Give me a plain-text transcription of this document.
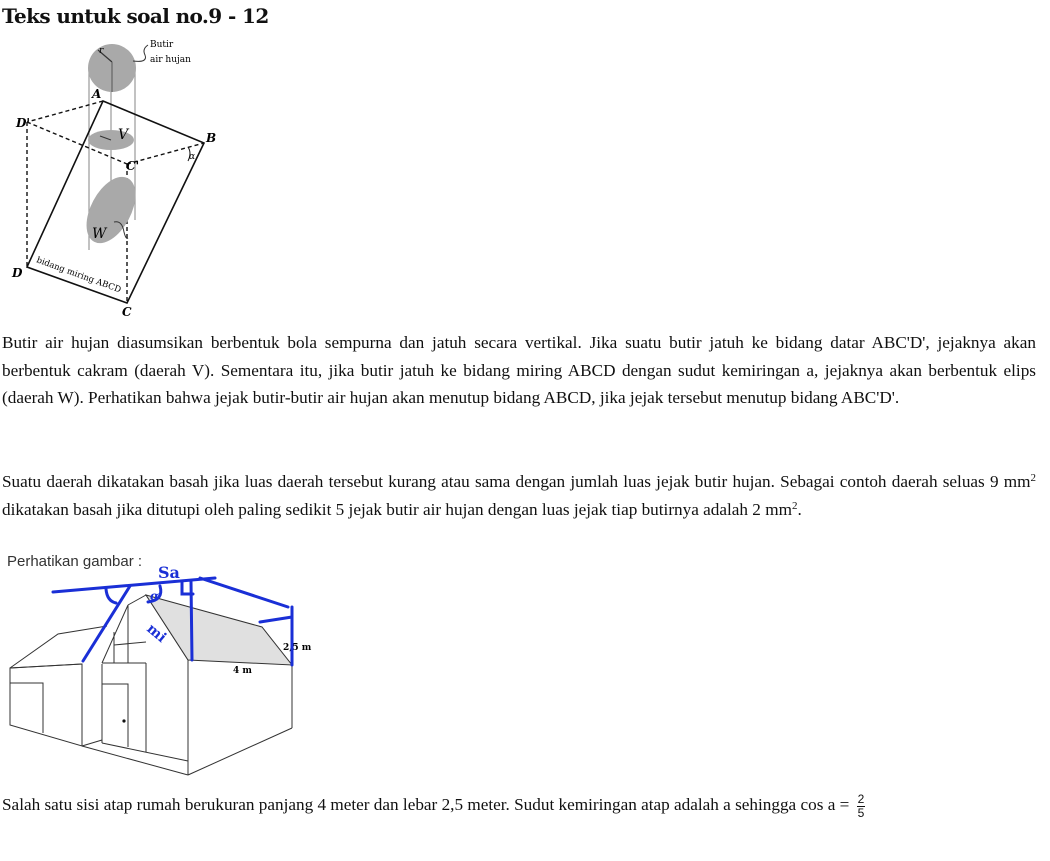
Teks untuk soal no.9 - 12
r
Butir
air hujan
V
W
α
A
B
C
D
C'
D'
bidang miring ABCD
Butir air hujan diasumsikan berbentuk bola sempurna dan jatuh secara vertikal. Jika suatu butir jatuh ke bidang datar ABC'D', jejaknya akan berbentuk cakram (daerah V). Sementara itu, jika butir jatuh ke bidang miring ABCD dengan sudut kemiringan a, jejaknya akan berbentuk elips (daerah W). Perhatikan bahwa jejak butir-butir air hujan akan menutup bidang ABCD, jika jejak tersebut menutup bidang ABC'D'.
Suatu daerah dikatakan basah jika luas daerah tersebut kurang atau sama dengan jumlah luas jejak butir hujan. Sebagai contoh daerah seluas 9 $mm^2$ dikatakan basah jika ditutupi oleh paling sedikit 5 jejak butir air hujan dengan luas jejak tiap butirnya adalah 2 $mm^2$.
2,5 m
4 m
Sa
α
mi
Perhatikan gambar :
Salah satu sisi atap rumah berukuran panjang 4 meter dan lebar 2,5 meter. Sudut kemiringan atap adalah a sehingga $\cos a = \frac{2}{5}$
